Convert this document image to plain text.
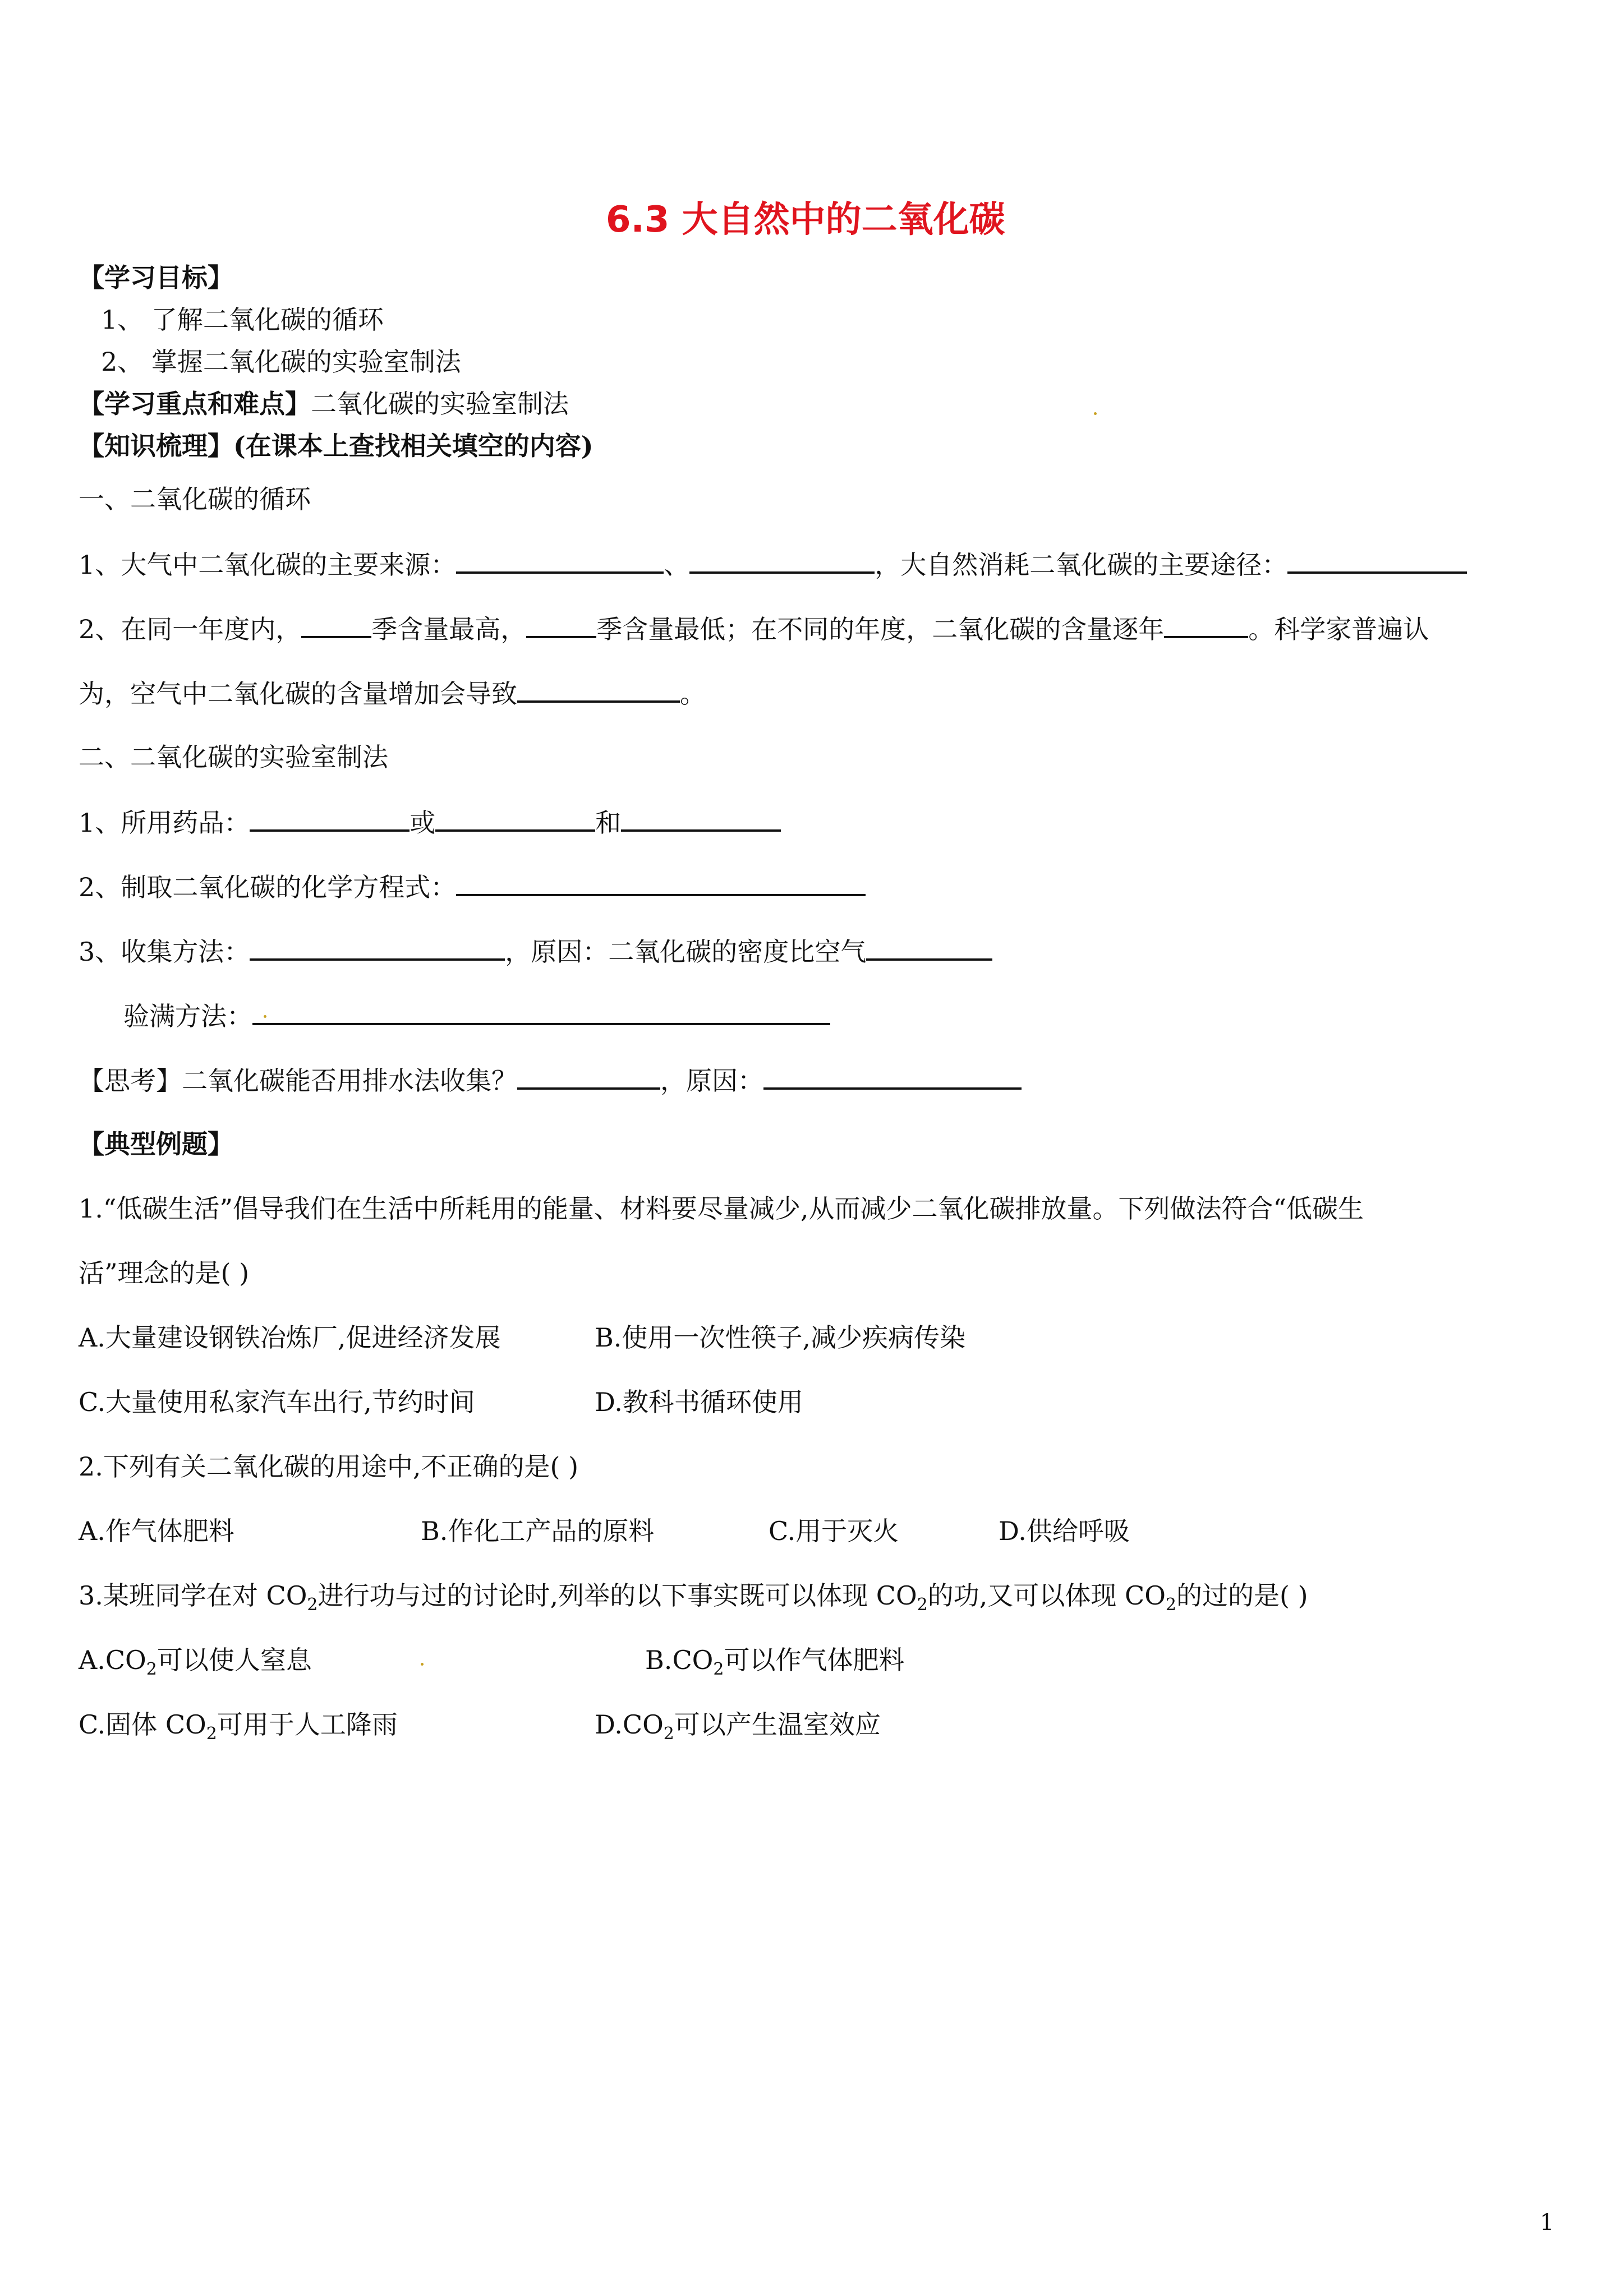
6.3 大自然中的二氧化碳
【学习目标】
1、 了解二氧化碳的循环
2、 掌握二氧化碳的实验室制法
【学习重点和难点】二氧化碳的实验室制法
【知识梳理】(在课本上查找相关填空的内容)
一、二氧化碳的循环
1、大气中二氧化碳的主要来源：	、	，大自然消耗二氧化碳的主要途径：
2、在同一年度内，	季含量最高，	季含量最低；在不同的年度，二氧化碳的含量逐年	。科学家普遍认
为，空气中二氧化碳的含量增加会导致	。
二、二氧化碳的实验室制法
1、所用药品：	或	和
2、制取二氧化碳的化学方程式：
3、收集方法：	，原因：二氧化碳的密度比空气
验满方法：
【思考】二氧化碳能否用排水法收集？	，原因：
【典型例题】
1.“低碳生活”倡导我们在生活中所耗用的能量、材料要尽量减少,从而减少二氧化碳排放量。下列做法符合“低碳生
活”理念的是( )
A.大量建设钢铁冶炼厂,促进经济发展	B.使用一次性筷子,减少疾病传染
C.大量使用私家汽车出行,节约时间	D.教科书循环使用
2.下列有关二氧化碳的用途中,不正确的是( )
A.作气体肥料	B.作化工产品的原料	C.用于灭火	D.供给呼吸
3.某班同学在对 $CO_2$进行功与过的讨论时,列举的以下事实既可以体现 $CO_2$的功,又可以体现 $CO_2$的过的是( )
$A.CO_2$可以使人窒息	$B.CO_2$可以作气体肥料
C.固体 $CO_2$可用于人工降雨	$D.CO_2$可以产生温室效应
1
